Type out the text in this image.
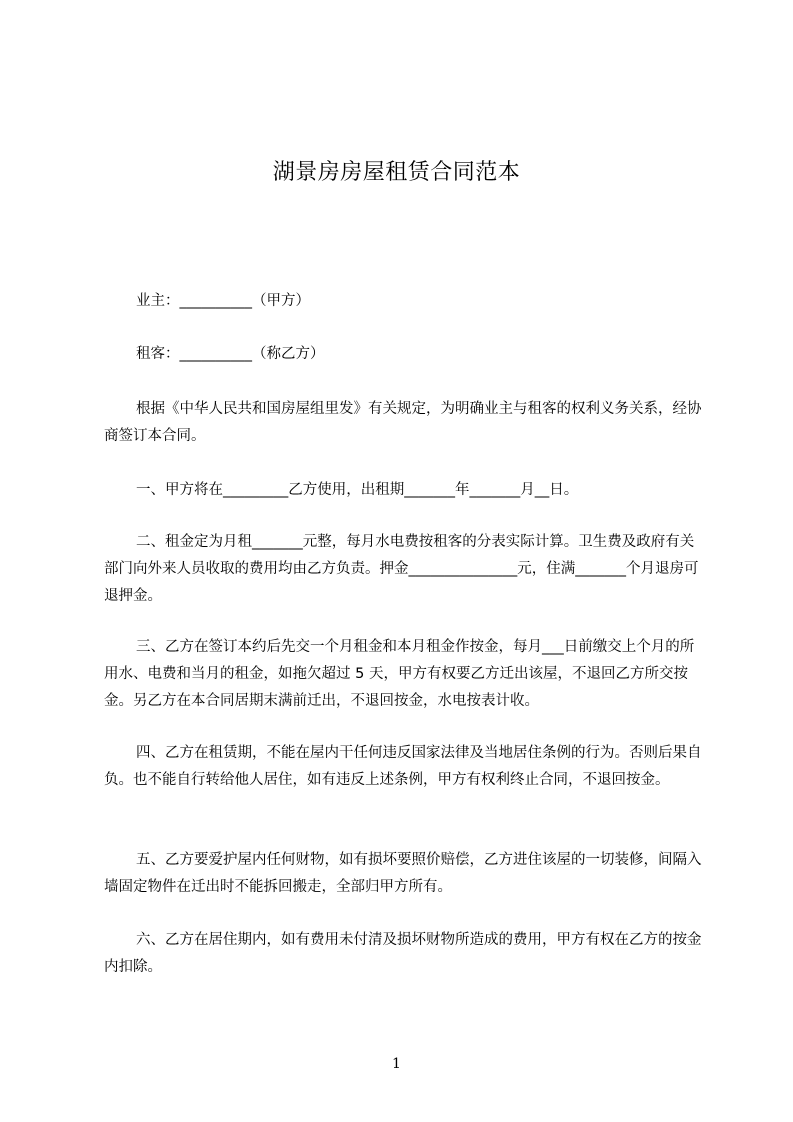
湖景房房屋租赁合同范本

业主：__________（甲方）

租客：__________（称乙方）

根据《中华人民共和国房屋组里发》有关规定，为明确业主与租客的权利义务关系，经协商签订本合同。

一、甲方将在_________乙方使用，出租期_______年_______月__日。

二、租金定为月租_______元整，每月水电费按租客的分表实际计算。卫生费及政府有关部门向外来人员收取的费用均由乙方负责。押金_______________元，住满_______个月退房可退押金。

三、乙方在签订本约后先交一个月租金和本月租金作按金，每月___日前缴交上个月的所用水、电费和当月的租金，如拖欠超过 5 天，甲方有权要乙方迁出该屋，不退回乙方所交按金。另乙方在本合同居期末满前迁出，不退回按金，水电按表计收。

四、乙方在租赁期，不能在屋内干任何违反国家法律及当地居住条例的行为。否则后果自负。也不能自行转给他人居住，如有违反上述条例，甲方有权利终止合同，不退回按金。

五、乙方要爱护屋内任何财物，如有损坏要照价赔偿，乙方进住该屋的一切装修，间隔入墙固定物件在迁出时不能拆回搬走，全部归甲方所有。

六、乙方在居住期内，如有费用未付清及损坏财物所造成的费用，甲方有权在乙方的按金内扣除。

1
